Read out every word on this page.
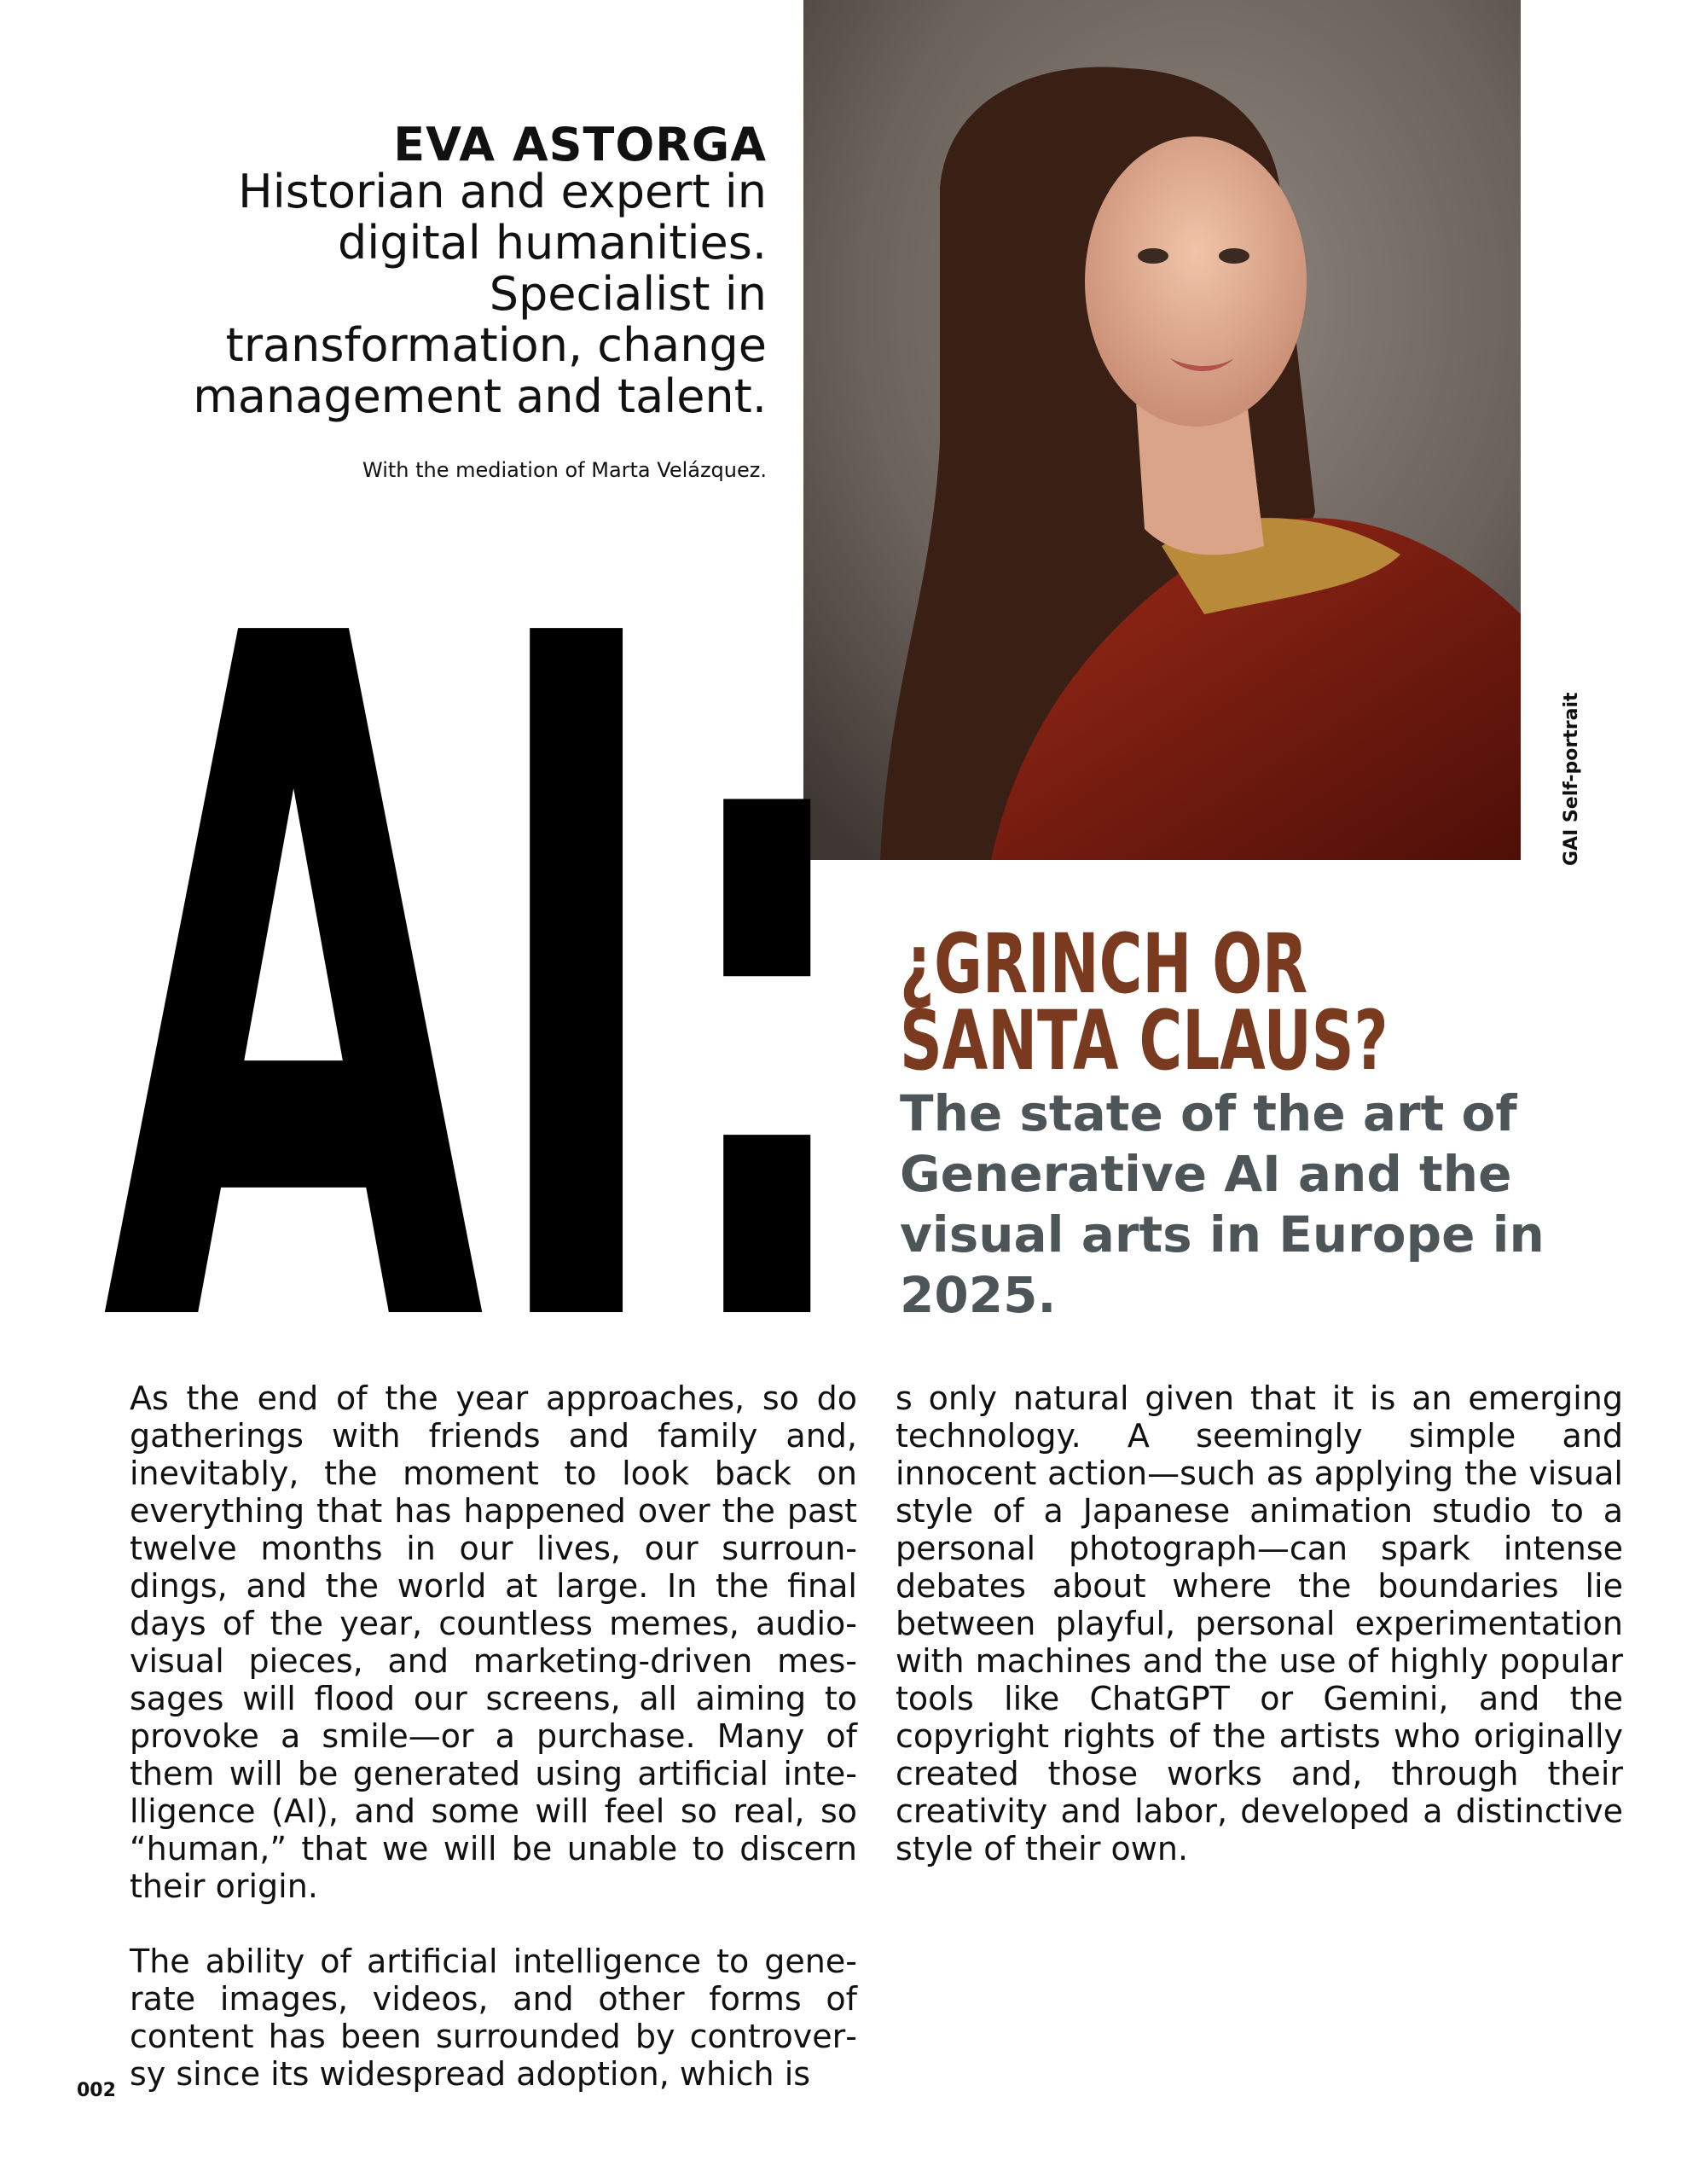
EVA ASTORGA
Historian and expert in digital humanities. Specialist in transformation, change management and talent.
With the mediation of Marta Velázquez.
GAI Self-portrait
AI: ¿GRINCH OR
SANTA CLAUS?
The state of the art of Generative AI and the visual arts in Europe in 2025.

As the end of the year approaches, so do gatherings with friends and family and, inevitably, the moment to look back on everything that has happened over the past twelve months in our lives, our surroundings, and the world at large. In the final days of the year, countless memes, audiovisual pieces, and marketing-driven messages will flood our screens, all aiming to provoke a smile—or a purchase. Many of them will be generated using artificial intelligence (AI), and some will feel so real, so “human,” that we will be unable to discern their origin.

The ability of artificial intelligence to generate images, videos, and other forms of content has been surrounded by controversy since its widespread adoption, which is

s only natural given that it is an emerging technology. A seemingly simple and innocent action—such as applying the visual style of a Japanese animation studio to a personal photograph—can spark intense debates about where the boundaries lie between playful, personal experimentation with machines and the use of highly popular tools like ChatGPT or Gemini, and the copyright rights of the artists who originally created those works and, through their creativity and labor, developed a distinctive style of their own.

002
